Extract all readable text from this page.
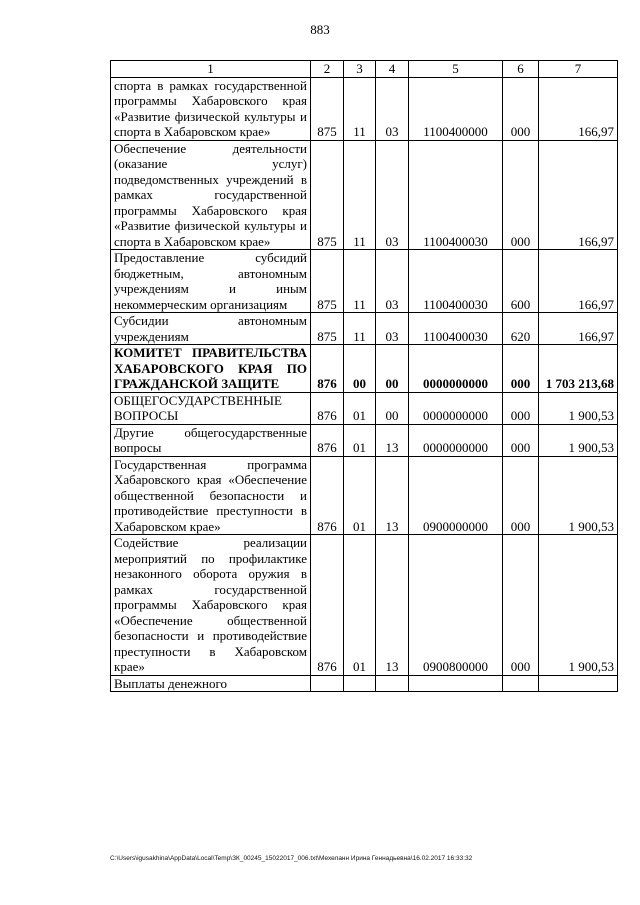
883
1	2	3	4	5	6	7
спорта в рамках государственной программы Хабаровского края «Развитие физической культуры и спорта в Хабаровском крае»	875	11	03	1100400000	000	166,97
Обеспечение деятельности (оказание услуг) подведомственных учреждений в рамках государственной программы Хабаровского края «Развитие физической культуры и спорта в Хабаровском крае»	875	11	03	1100400030	000	166,97
Предоставление субсидий бюджетным, автономным учреждениям и иным некоммерческим организациям	875	11	03	1100400030	600	166,97
Субсидии автономным учреждениям	875	11	03	1100400030	620	166,97
КОМИТЕТ ПРАВИТЕЛЬСТВА ХАБАРОВСКОГО КРАЯ ПО ГРАЖДАНСКОЙ ЗАЩИТЕ	876	00	00	0000000000	000	1 703 213,68
ОБЩЕГОСУДАРСТВЕННЫЕ ВОПРОСЫ	876	01	00	0000000000	000	1 900,53
Другие общегосударственные вопросы	876	01	13	0000000000	000	1 900,53
Государственная программа Хабаровского края «Обеспечение общественной безопасности и противодействие преступности в Хабаровском крае»	876	01	13	0900000000	000	1 900,53
Содействие реализации мероприятий по профилактике незаконного оборота оружия в рамках государственной программы Хабаровского края «Обеспечение общественной безопасности и противодействие преступности в Хабаровском крае»	876	01	13	0900800000	000	1 900,53
Выплаты денежного						
C:\Users\igusakhina\AppData\Local\Temp\ЗК_00245_15022017_006.txt\Мехеланн Ирина Геннадьевна\16.02.2017 16:33:32
